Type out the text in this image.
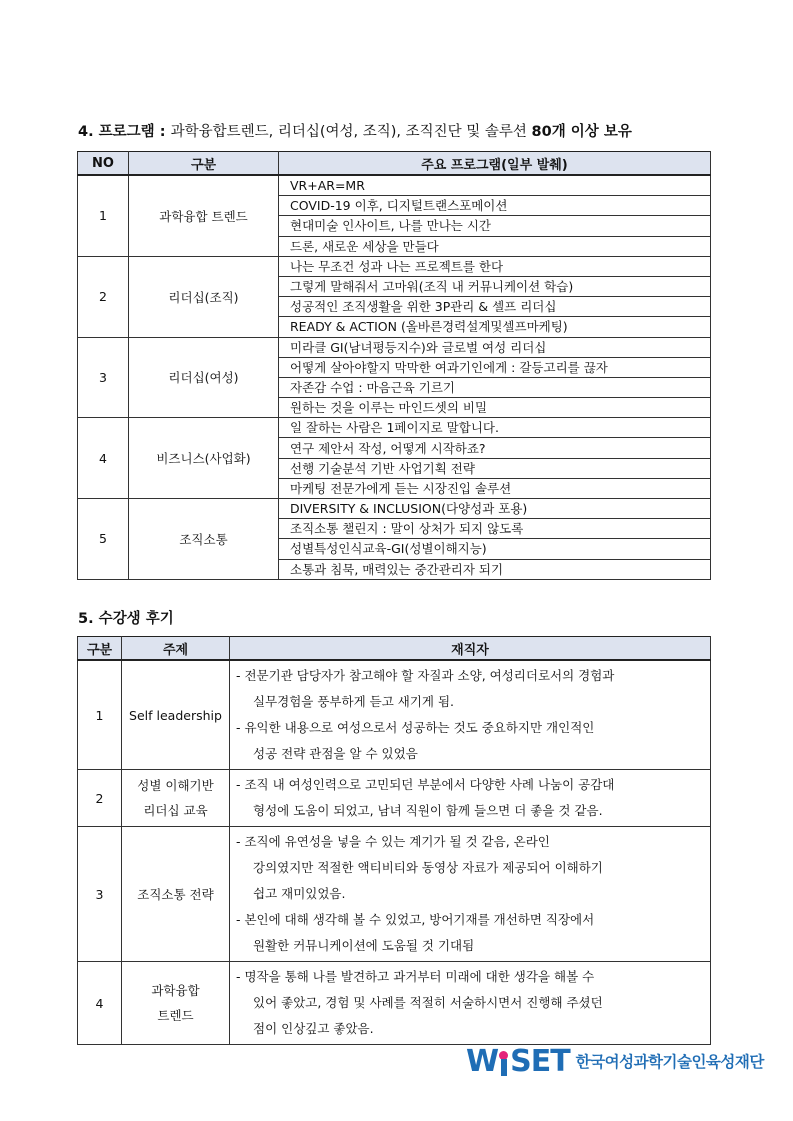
4. 프로그램 : 과학융합트렌드, 리더십(여성, 조직), 조직진단 및 솔루션 80개 이상 보유
NO	구분	주요 프로그램(일부 발췌)
1	과학융합 트렌드	VR+AR=MR
		COVID-19 이후, 디지털트랜스포메이션
		현대미술 인사이트, 나를 만나는 시간
		드론, 새로운 세상을 만들다
2	리더십(조직)	나는 무조건 성과 나는 프로젝트를 한다
		그렇게 말해줘서 고마워(조직 내 커뮤니케이션 학습)
		성공적인 조직생활을 위한 3P관리 & 셀프 리더십
		READY & ACTION (올바른경력설계및셀프마케팅)
3	리더십(여성)	미라클 GI(남녀평등지수)와 글로벌 여성 리더십
		어떻게 살아야할지 막막한 여과기인에게 : 갈등고리를 끊자
		자존감 수업 : 마음근육 기르기
		원하는 것을 이루는 마인드셋의 비밀
4	비즈니스(사업화)	일 잘하는 사람은 1페이지로 말합니다.
		연구 제안서 작성, 어떻게 시작하죠?
		선행 기술분석 기반 사업기획 전략
		마케팅 전문가에게 듣는 시장진입 솔루션
5	조직소통	DIVERSITY & INCLUSION(다양성과 포용)
		조직소통 챌린지 : 말이 상처가 되지 않도록
		성별특성인식교육-GI(성별이해지능)
		소통과 침묵, 매력있는 중간관리자 되기
5. 수강생 후기
구분	주제	재직자
1	Self leadership	- 전문기관 담당자가 참고해야 할 자질과 소양, 여성리더로서의 경험과
실무경험을 풍부하게 듣고 새기게 됨.
- 유익한 내용으로 여성으로서 성공하는 것도 중요하지만 개인적인
성공 전략 관점을 알 수 있었음

2	성별 이해기반
리더십 교육	- 조직 내 여성인력으로 고민되던 부분에서 다양한 사례 나눔이 공감대
형성에 도움이 되었고, 남녀 직원이 함께 들으면 더 좋을 것 같음.

3	조직소통 전략	- 조직에 유연성을 넣을 수 있는 계기가 될 것 같음, 온라인
강의였지만 적절한 액티비티와 동영상 자료가 제공되어 이해하기
쉽고 재미있었음.
- 본인에 대해 생각해 볼 수 있었고, 방어기재를 개선하면 직장에서
원활한 커뮤니케이션에 도움될 것 기대됨

4	과학융합
트렌드	- 명작을 통해 나를 발견하고 과거부터 미래에 대한 생각을 해볼 수
있어 좋았고, 경험 및 사례를 적절히 서술하시면서 진행해 주셨던
점이 인상깊고 좋았음.
W SET 한국여성과학기술인육성재단
